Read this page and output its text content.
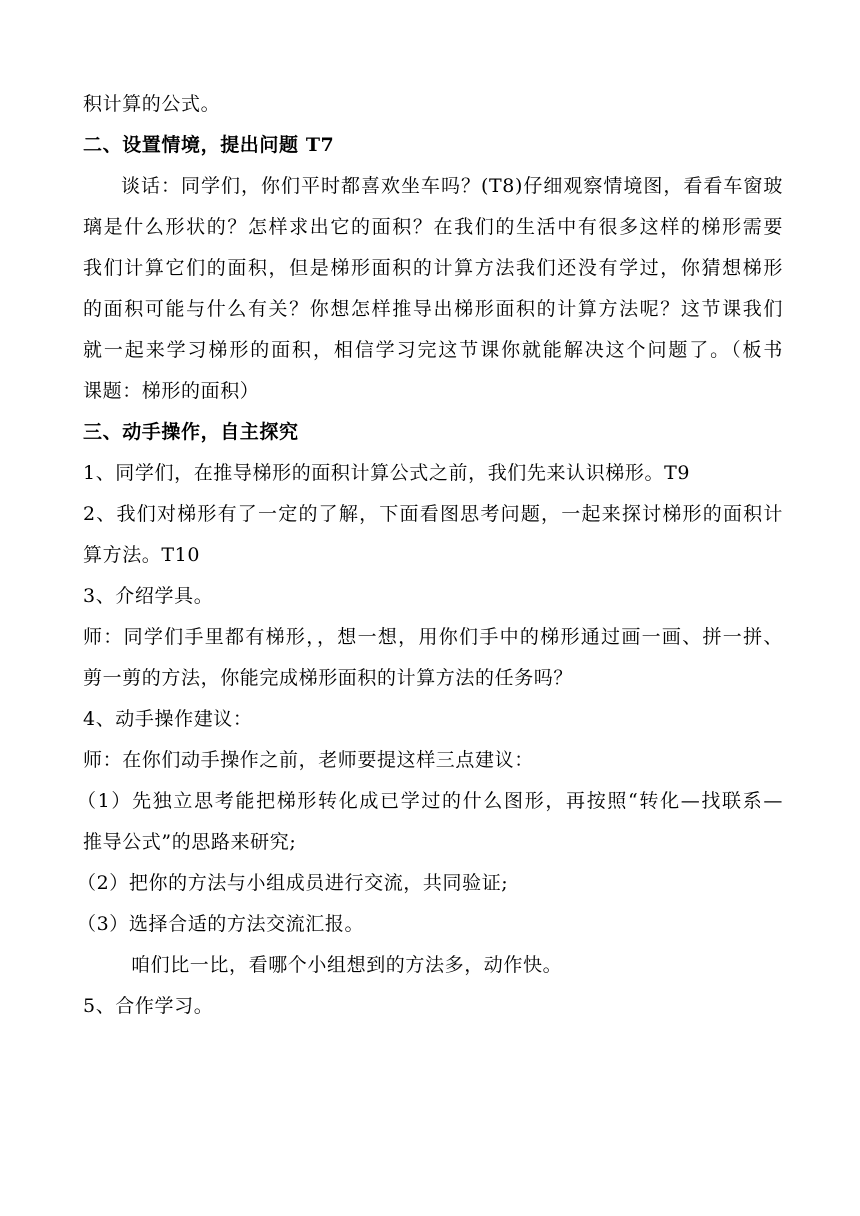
积计算的公式。
二、设置情境，提出问题 T7
谈话：同学们，你们平时都喜欢坐车吗？(T8)仔细观察情境图，看看车窗玻
璃是什么形状的？怎样求出它的面积？在我们的生活中有很多这样的梯形需要
我们计算它们的面积，但是梯形面积的计算方法我们还没有学过，你猜想梯形
的面积可能与什么有关？你想怎样推导出梯形面积的计算方法呢？这节课我们
就一起来学习梯形的面积，相信学习完这节课你就能解决这个问题了。（板书
课题：梯形的面积）
三、动手操作，自主探究
1、同学们，在推导梯形的面积计算公式之前，我们先来认识梯形。T9
2、我们对梯形有了一定的了解，下面看图思考问题，一起来探讨梯形的面积计
算方法。T10
3、介绍学具。
师：同学们手里都有梯形，，想一想，用你们手中的梯形通过画一画、拼一拼、
剪一剪的方法，你能完成梯形面积的计算方法的任务吗？
4、动手操作建议：
师：在你们动手操作之前，老师要提这样三点建议：
（1）先独立思考能把梯形转化成已学过的什么图形，再按照“转化—找联系—
推导公式”的思路来研究;
（2）把你的方法与小组成员进行交流，共同验证;
（3）选择合适的方法交流汇报。
咱们比一比，看哪个小组想到的方法多，动作快。
5、合作学习。
